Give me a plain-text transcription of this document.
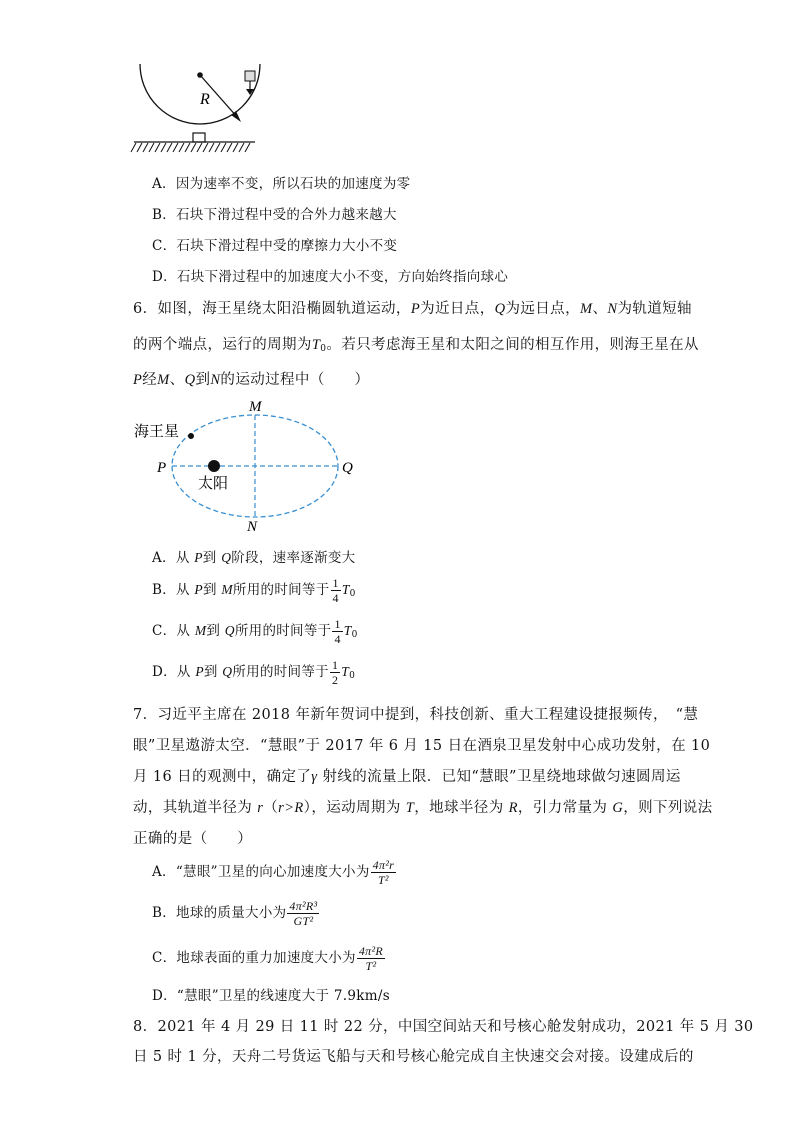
R
A．因为速率不变，所以石块的加速度为零
B．石块下滑过程中受的合外力越来越大
C．石块下滑过程中受的摩擦力大小不变
D．石块下滑过程中的加速度大小不变，方向始终指向球心
6．如图，海王星绕太阳沿椭圆轨道运动，P为近日点，Q为远日点，M、N为轨道短轴
的两个端点，运行的周期为$T_0$。若只考虑海王星和太阳之间的相互作用，则海王星在从
P经M、Q到N的运动过程中（　　）
海王星
太阳
P	Q
M
N
A．从 P到 Q阶段，速率逐渐变大
B．从 P到 M所用的时间等于 $\frac{1}{4} T_0$
C．从 M到 Q所用的时间等于 $\frac{1}{4} T_0$
D．从 P到 Q所用的时间等于 $\frac{1}{2} T_0$
7．习近平主席在 2018 年新年贺词中提到，科技创新、重大工程建设捷报频传，　“慧
眼”卫星遨游太空．“慧眼”于 2017 年 6 月 15 日在酒泉卫星发射中心成功发射，在 10
月 16 日的观测中，确定了γ 射线的流量上限．已知“慧眼”卫星绕地球做匀速圆周运
动，其轨道半径为 r（r>R），运动周期为 T，地球半径为 R，引力常量为 G，则下列说法
正确的是（　　）
A．“慧眼”卫星的向心加速度大小为 $\frac{\text{4π²r}}{\text{T²}}$
B．地球的质量大小为 $\frac{\text{4π²R³}}{\text{GT²}}$
C．地球表面的重力加速度大小为 $\frac{\text{4π²R}}{\text{T²}}$
D．“慧眼”卫星的线速度大于 7.9km/s
8．2021 年 4 月 29 日 11 时 22 分，中国空间站天和号核心舱发射成功，2021 年 5 月 30
日 5 时 1 分，天舟二号货运飞船与天和号核心舱完成自主快速交会对接。设建成后的
